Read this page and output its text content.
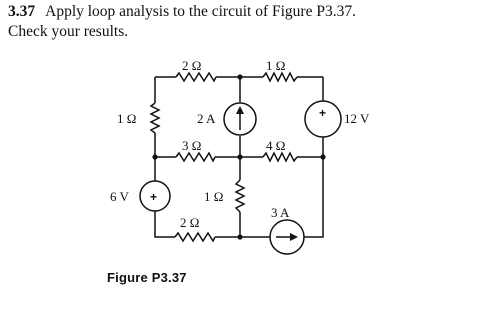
3.37 Apply loop analysis to the circuit of Figure P3.37.
Check your results.
+
+
2 Ω	1 Ω
1 Ω	2 A	12 V
3 Ω	4 Ω
6 V	1 Ω
2 Ω
3 A
Figure P3.37
